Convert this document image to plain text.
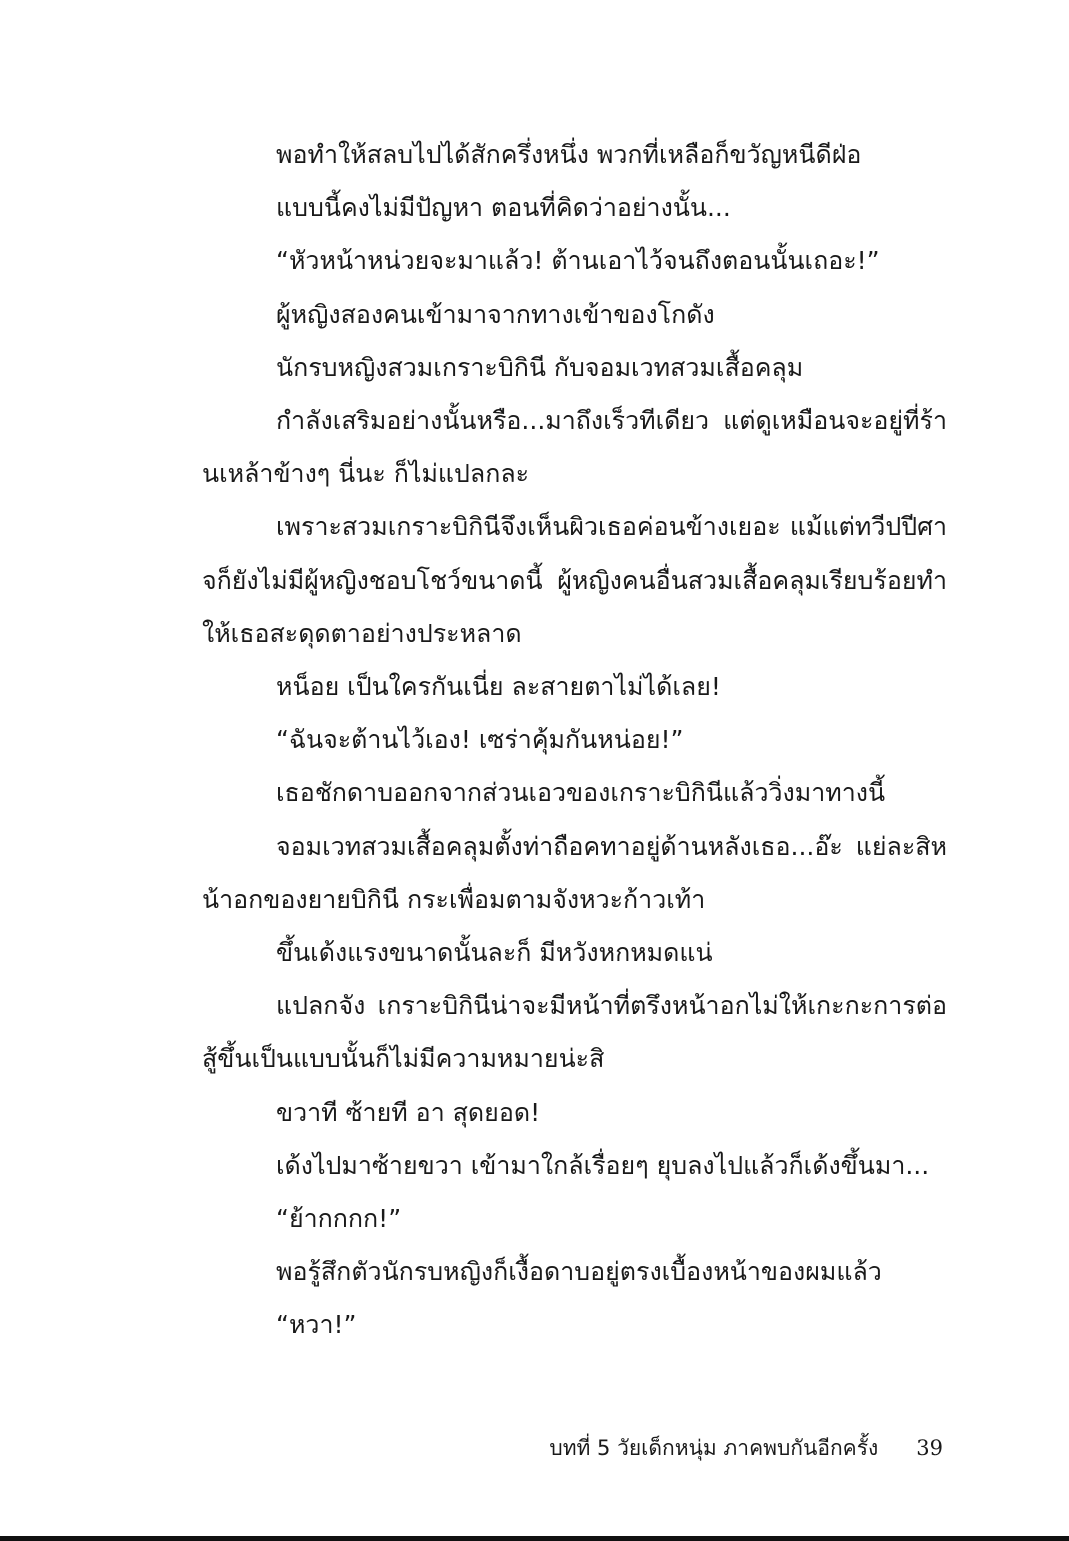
พอทำให้สลบไปได้สักครึ่งหนึ่ง พวกที่เหลือก็ขวัญหนีดีฝ่อ

แบบนี้คงไม่มีปัญหา ตอนที่คิดว่าอย่างนั้น...

“หัวหน้าหน่วยจะมาแล้ว! ต้านเอาไว้จนถึงตอนนั้นเถอะ!”

ผู้หญิงสองคนเข้ามาจากทางเข้าของโกดัง

นักรบหญิงสวมเกราะบิกินี กับจอมเวทสวมเสื้อคลุม

กำลังเสริมอย่างนั้นหรือ...มาถึงเร็วทีเดียว แต่ดูเหมือนจะอยู่ที่ร้านเหล้าข้างๆ นี่นะ ก็ไม่แปลกละ

เพราะสวมเกราะบิกินีจึงเห็นผิวเธอค่อนข้างเยอะ แม้แต่ทวีปปีศาจก็ยังไม่มีผู้หญิงชอบโชว์ขนาดนี้ ผู้หญิงคนอื่นสวมเสื้อคลุมเรียบร้อยทำให้เธอสะดุดตาอย่างประหลาด

หน็อย เป็นใครกันเนี่ย ละสายตาไม่ได้เลย!

“ฉันจะต้านไว้เอง! เซร่าคุ้มกันหน่อย!”

เธอชักดาบออกจากส่วนเอวของเกราะบิกินีแล้ววิ่งมาทางนี้

จอมเวทสวมเสื้อคลุมตั้งท่าถือคทาอยู่ด้านหลังเธอ...อ๊ะ แย่ละสิหน้าอกของยายบิกินี กระเพื่อมตามจังหวะก้าวเท้า

ขึ้นเด้งแรงขนาดนั้นละก็ มีหวังหกหมดแน่

แปลกจัง เกราะบิกินีน่าจะมีหน้าที่ตรึงหน้าอกไม่ให้เกะกะการต่อสู้ขึ้นเป็นแบบนั้นก็ไม่มีความหมายน่ะสิ

ขวาที ซ้ายที อา สุดยอด!

เด้งไปมาซ้ายขวา เข้ามาใกล้เรื่อยๆ ยุบลงไปแล้วก็เด้งขึ้นมา...

“ย้ากกกก!”

พอรู้สึกตัวนักรบหญิงก็เงื้อดาบอยู่ตรงเบื้องหน้าของผมแล้ว

“หวา!”

บทที่ 5 วัยเด็กหนุ่ม ภาคพบกันอีกครั้ง 39
